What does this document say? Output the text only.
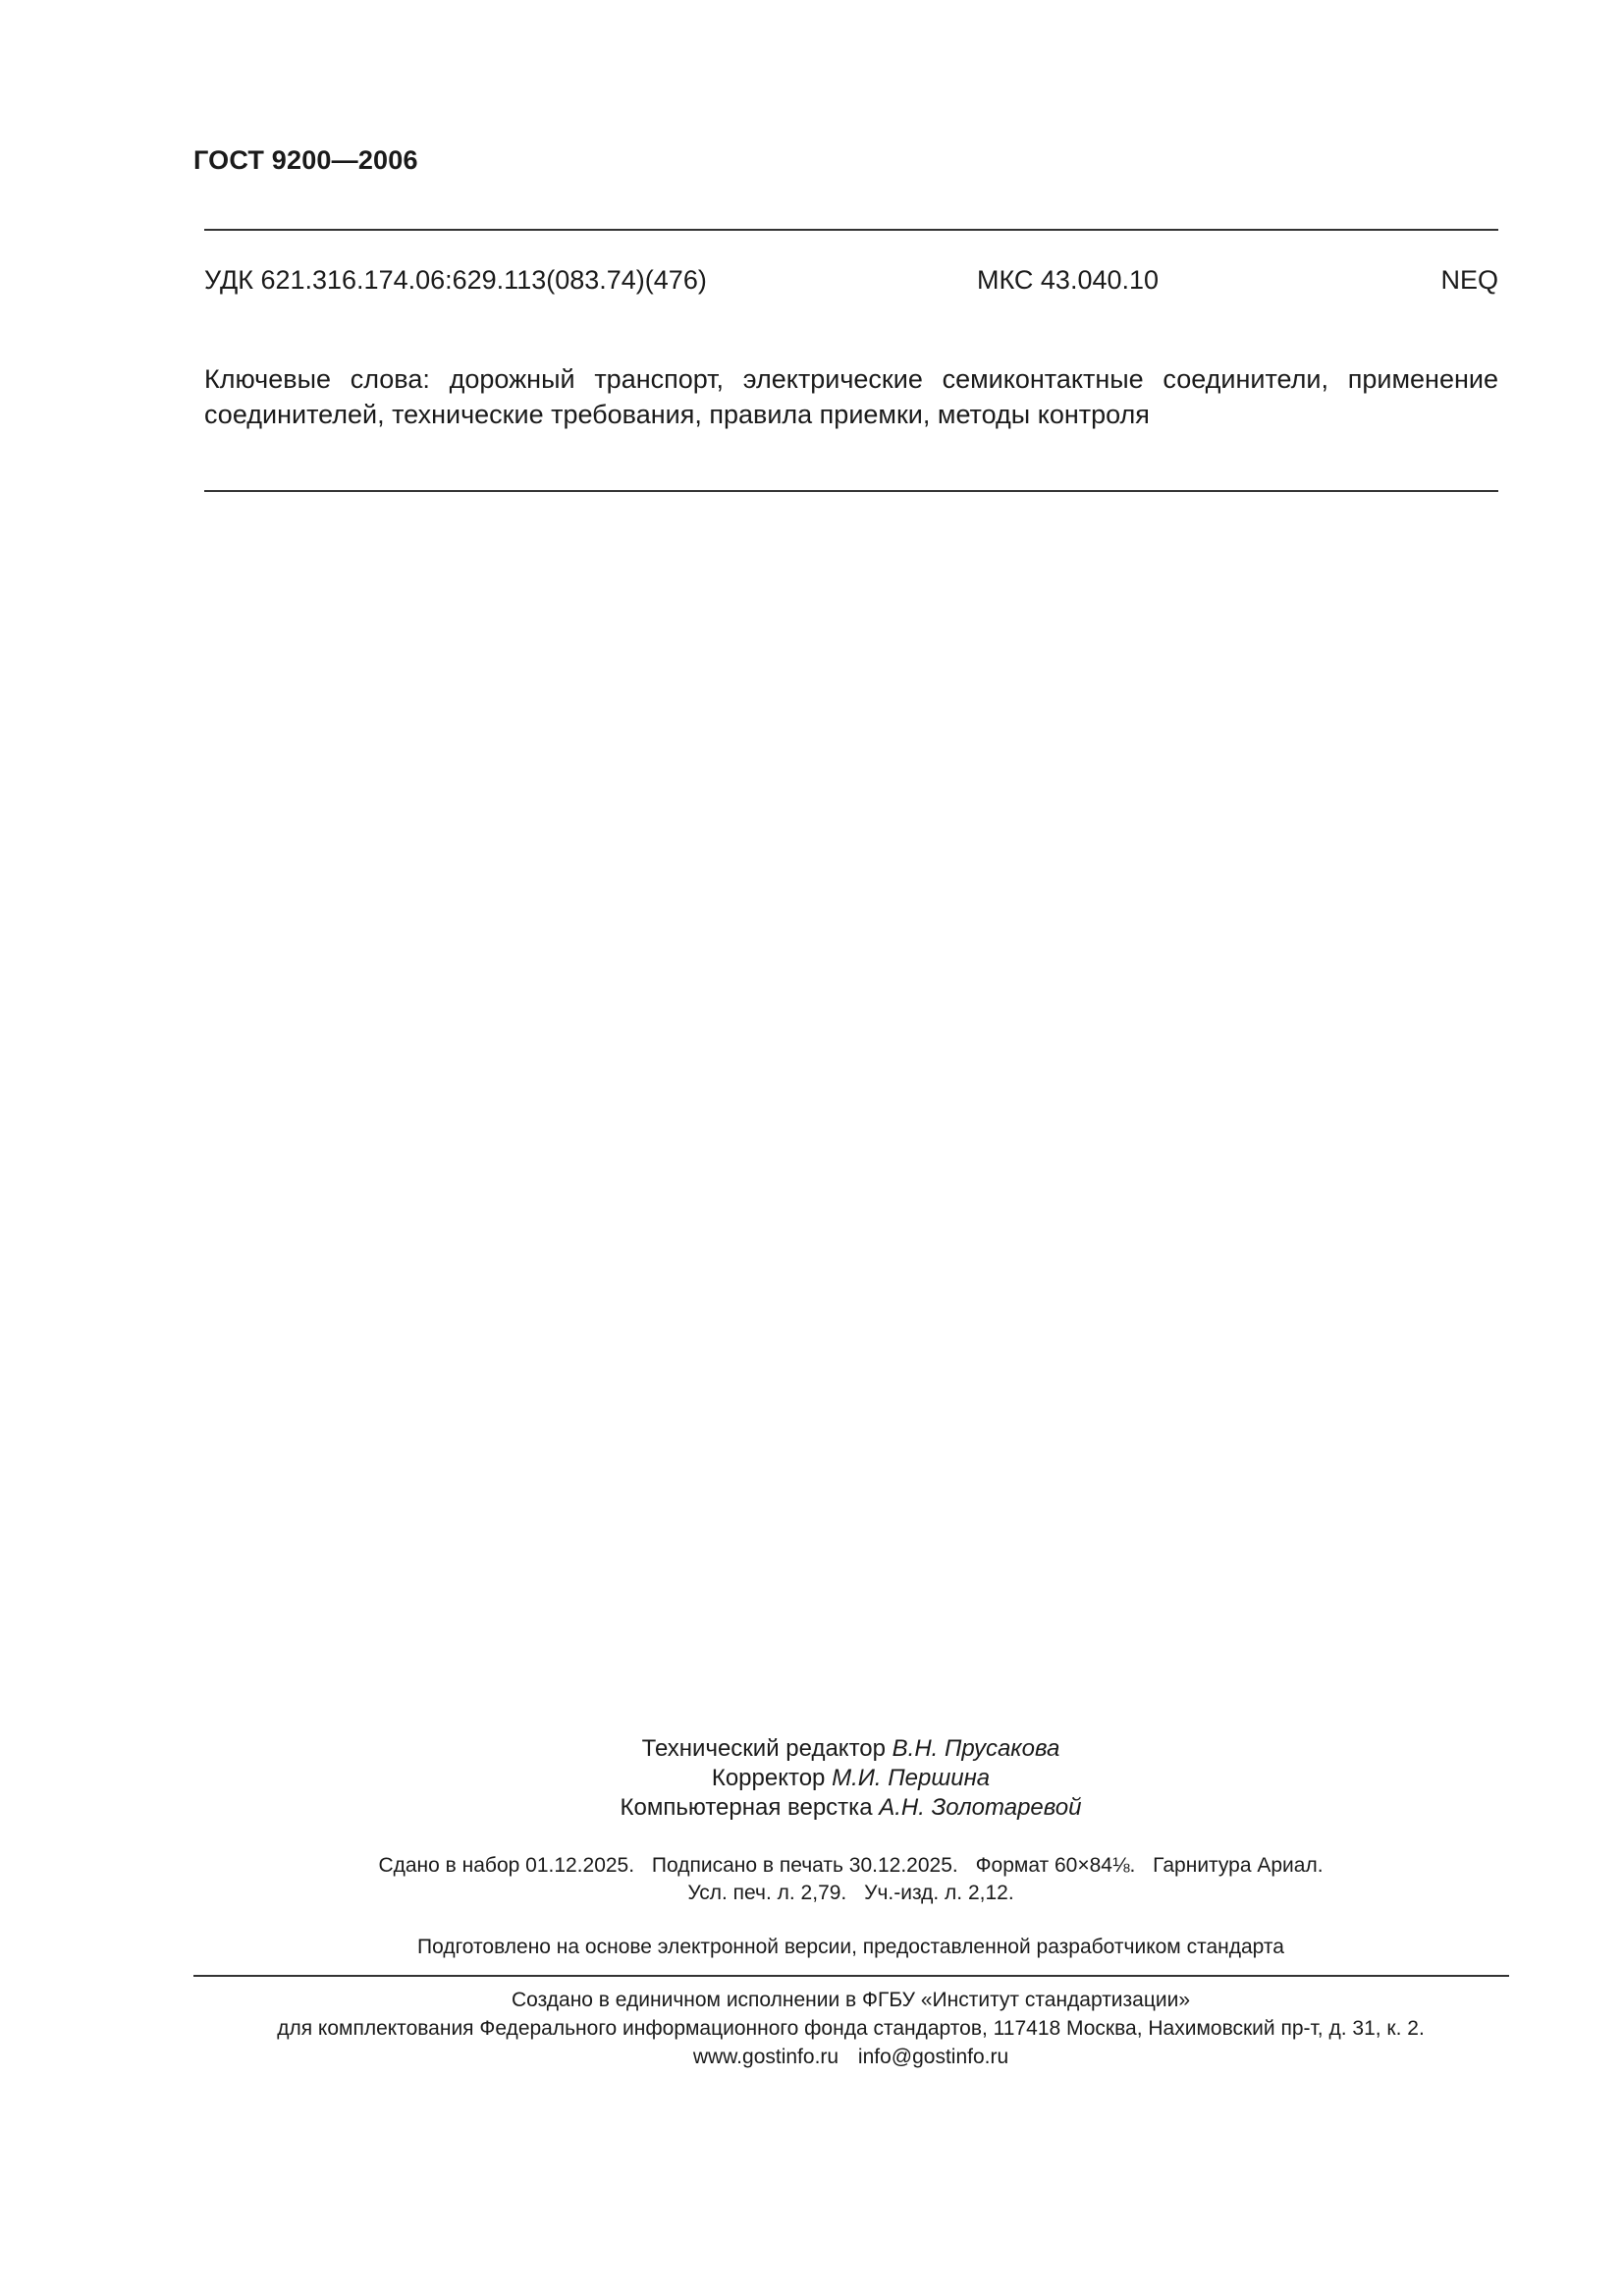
ГОСТ 9200—2006
УДК 621.316.174.06:629.113(083.74)(476)	МКС 43.040.10	NEQ
Ключевые слова: дорожный транспорт, электрические семиконтактные соединители, применение соединителей, технические требования, правила приемки, методы контроля
Технический редактор В.Н. Прусакова
Корректор М.И. Першина
Компьютерная верстка А.Н. Золотаревой
Сдано в набор 01.12.2025. Подписано в печать 30.12.2025. Формат 60×84⅛. Гарнитура Ариал.
Усл. печ. л. 2,79. Уч.-изд. л. 2,12.
Подготовлено на основе электронной версии, предоставленной разработчиком стандарта
Создано в единичном исполнении в ФГБУ «Институт стандартизации»
для комплектования Федерального информационного фонда стандартов, 117418 Москва, Нахимовский пр-т, д. 31, к. 2.
www.gostinfo.ru info@gostinfo.ru
